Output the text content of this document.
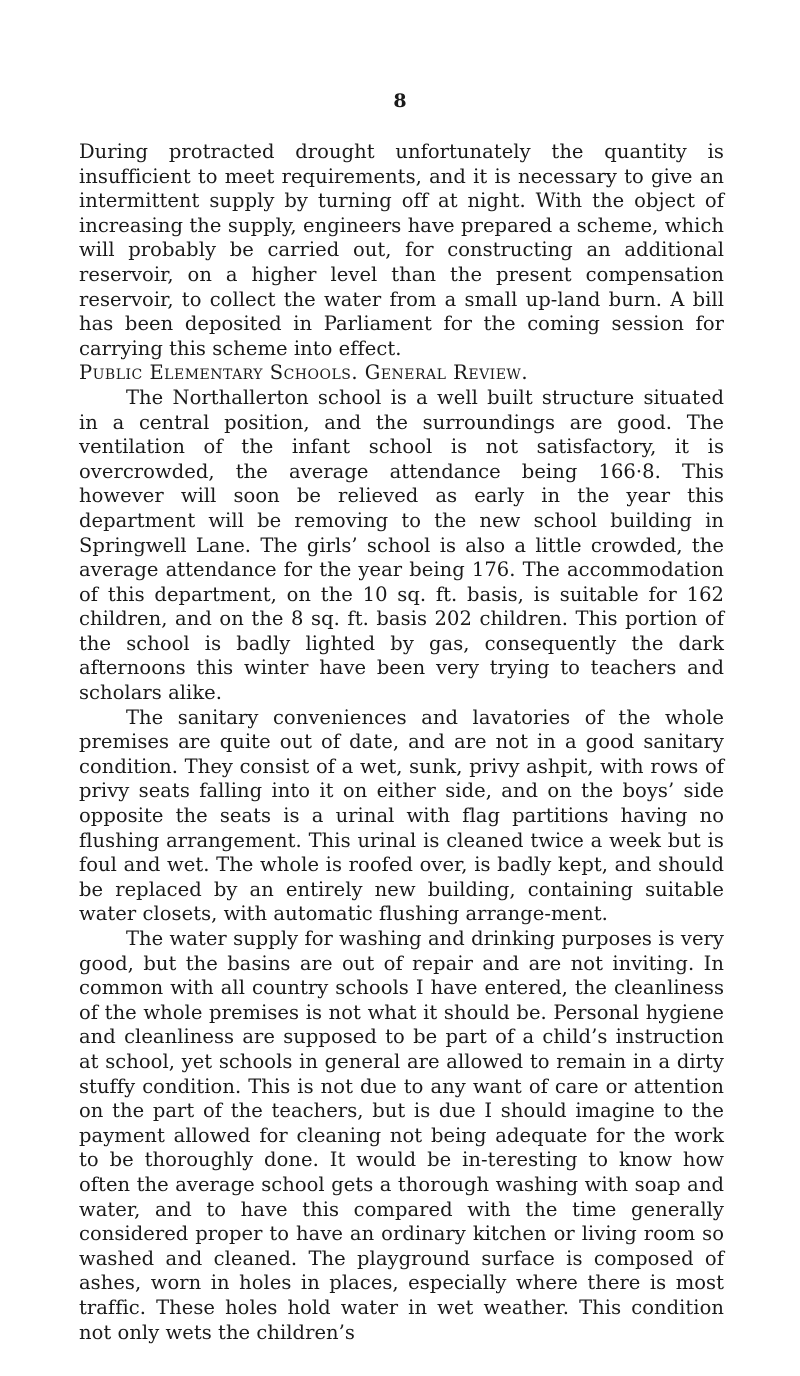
8

During protracted drought unfortunately the quantity is insufficient to meet requirements, and it is necessary to give an intermittent supply by turning off at night. With the object of increasing the supply, engineers have prepared a scheme, which will probably be carried out, for constructing an additional reservoir, on a higher level than the present compensation reservoir, to collect the water from a small up-land burn. A bill has been deposited in Parliament for the coming session for carrying this scheme into effect.

Public Elementary Schools. General Review.

The Northallerton school is a well built structure situated in a central position, and the surroundings are good. The ventilation of the infant school is not satisfactory, it is overcrowded, the average attendance being 166·8. This however will soon be relieved as early in the year this department will be removing to the new school building in Springwell Lane. The girls’ school is also a little crowded, the average attendance for the year being 176. The accommodation of this department, on the 10 sq. ft. basis, is suitable for 162 children, and on the 8 sq. ft. basis 202 children. This portion of the school is badly lighted by gas, consequently the dark afternoons this winter have been very trying to teachers and scholars alike.

The sanitary conveniences and lavatories of the whole premises are quite out of date, and are not in a good sanitary condition. They consist of a wet, sunk, privy ashpit, with rows of privy seats falling into it on either side, and on the boys’ side opposite the seats is a urinal with flag partitions having no flushing arrangement. This urinal is cleaned twice a week but is foul and wet. The whole is roofed over, is badly kept, and should be replaced by an entirely new building, containing suitable water closets, with automatic flushing arrange-ment.

The water supply for washing and drinking purposes is very good, but the basins are out of repair and are not inviting. In common with all country schools I have entered, the cleanliness of the whole premises is not what it should be. Personal hygiene and cleanliness are supposed to be part of a child’s instruction at school, yet schools in general are allowed to remain in a dirty stuffy condition. This is not due to any want of care or attention on the part of the teachers, but is due I should imagine to the payment allowed for cleaning not being adequate for the work to be thoroughly done. It would be in-teresting to know how often the average school gets a thorough washing with soap and water, and to have this compared with the time generally considered proper to have an ordinary kitchen or living room so washed and cleaned. The playground surface is composed of ashes, worn in holes in places, especially where there is most traffic. These holes hold water in wet weather. This condition not only wets the children’s
